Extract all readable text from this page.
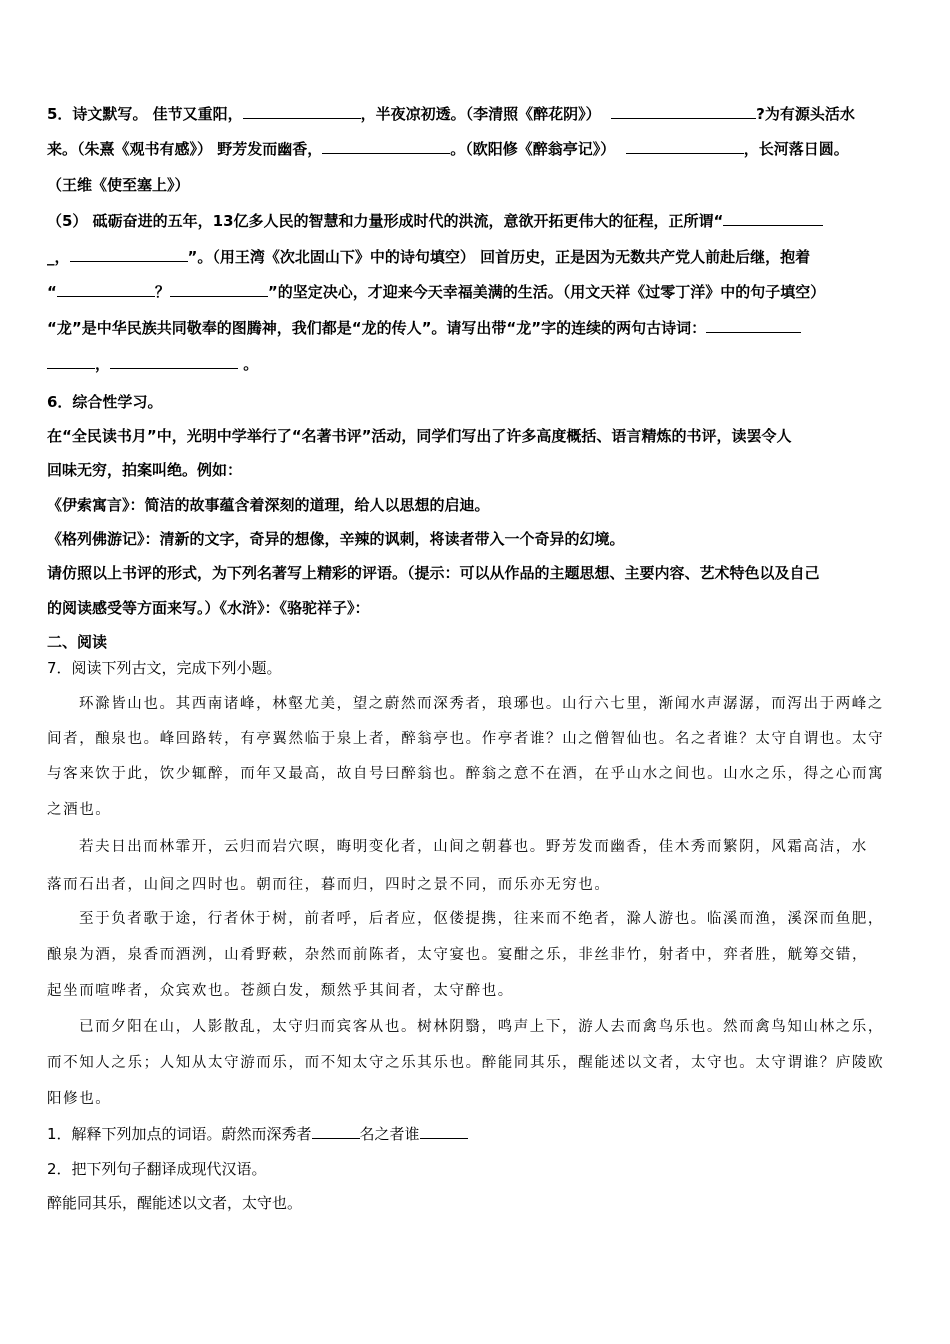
5．诗文默写。 佳节又重阳，	，半夜凉初透。（李清照《醉花阴》）	?为有源头活水
来。（朱熹《观书有感》） 野芳发而幽香，	。（欧阳修《醉翁亭记》）	，长河落日圆。
（王维《使至塞上》）
（5） 砥砺奋进的五年，13亿多人民的智慧和力量形成时代的洪流，意欲开拓更伟大的征程，正所谓“
_，	”。（用王湾《次北固山下》中的诗句填空） 回首历史，正是因为无数共产党人前赴后继，抱着
“	？	”的坚定决心，才迎来今天幸福美满的生活。（用文天祥《过零丁洋》中的句子填空）
“龙”是中华民族共同敬奉的图腾神，我们都是“龙的传人”。请写出带“龙”字的连续的两句古诗词：
，	。
6．综合性学习。
在“全民读书月”中，光明中学举行了“名著书评”活动，同学们写出了许多高度概括、语言精炼的书评，读罢令人
回味无穷，拍案叫绝。例如：
《伊索寓言》：简洁的故事蕴含着深刻的道理，给人以思想的启迪。
《格列佛游记》：清新的文字，奇异的想像，辛辣的讽刺，将读者带入一个奇异的幻境。
请仿照以上书评的形式，为下列名著写上精彩的评语。（提示：可以从作品的主题思想、主要内容、艺术特色以及自己
的阅读感受等方面来写。）《水浒》：《骆驼祥子》：
二、阅读
7．阅读下列古文，完成下列小题。
环滁皆山也。其西南诸峰，林壑尤美，望之蔚然而深秀者，琅琊也。山行六七里，渐闻水声潺潺，而泻出于两峰之
间者，酿泉也。峰回路转，有亭翼然临于泉上者，醉翁亭也。作亭者谁？山之僧智仙也。名之者谁？太守自谓也。太守
与客来饮于此，饮少辄醉，而年又最高，故自号曰醉翁也。醉翁之意不在酒，在乎山水之间也。山水之乐，得之心而寓
之酒也。
若夫日出而林霏开，云归而岩穴暝，晦明变化者，山间之朝暮也。野芳发而幽香，佳木秀而繁阴，风霜高洁，水
落而石出者，山间之四时也。朝而往，暮而归，四时之景不同，而乐亦无穷也。
至于负者歌于途，行者休于树，前者呼，后者应，伛偻提携，往来而不绝者，滁人游也。临溪而渔，溪深而鱼肥，
酿泉为酒，泉香而酒洌，山肴野蔌，杂然而前陈者，太守宴也。宴酣之乐，非丝非竹，射者中，弈者胜，觥筹交错，
起坐而喧哗者，众宾欢也。苍颜白发，颓然乎其间者，太守醉也。
已而夕阳在山，人影散乱，太守归而宾客从也。树林阴翳，鸣声上下，游人去而禽鸟乐也。然而禽鸟知山林之乐，
而不知人之乐；人知从太守游而乐，而不知太守之乐其乐也。醉能同其乐，醒能述以文者，太守也。太守谓谁？庐陵欧
阳修也。
1．解释下列加点的词语。蔚然而深秀者	名之者谁
2．把下列句子翻译成现代汉语。
醉能同其乐，醒能述以文者，太守也。
